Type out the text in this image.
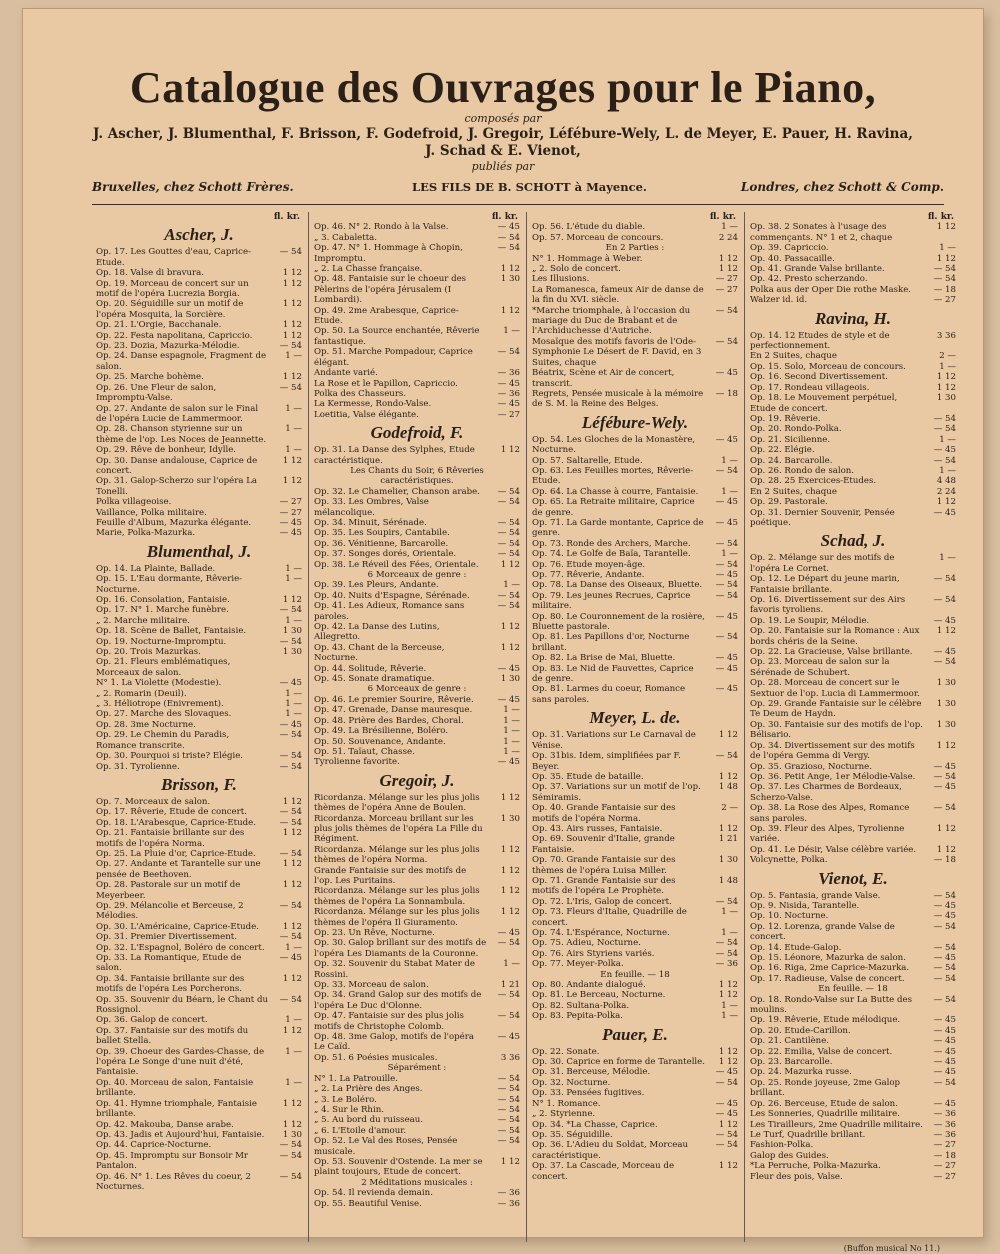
Catalogue des Ouvrages pour le Piano,
composés par
J. Ascher, J. Blumenthal, F. Brisson, F. Godefroid, J. Gregoir, Léfébure-Wely, L. de Meyer, E. Pauer, H. Ravina,
J. Schad & E. Vienot,
publiés par
Bruxelles, chez Schott Frères.	LES FILS DE B. SCHOTT à Mayence.	Londres, chez Schott & Comp.
fl. kr.
Ascher, J.
Op. 17. Les Gouttes d'eau, Caprice-Etude.
— 54
Op. 18. Valse di bravura.	1 12
Op. 19. Morceau de concert sur un motif de l'opéra Lucrezia Borgia.
1 12
Op. 20. Séguidille sur un motif de l'opéra Mosquita, la Sorcière.
1 12
Op. 21. L'Orgie, Bacchanale.	1 12
Op. 22. Festa napolitana, Capriccio.	1 12
Op. 23. Dozia, Mazurka-Mélodie.	— 54
Op. 24. Danse espagnole, Fragment de salon.
1 —
Op. 25. Marche bohème.	1 12
Op. 26. Une Fleur de salon, Impromptu-Valse.
— 54
Op. 27. Andante de salon sur le Final de l'opéra Lucie de Lammermoor.
1 —
Op. 28. Chanson styrienne sur un thème de l'op. Les Noces de Jeannette.
1 —
Op. 29. Rêve de bonheur, Idylle.	1 —
Op. 30. Danse andalouse, Caprice de concert.
1 12
Op. 31. Galop-Scherzo sur l'opéra La Tonelli.
1 12
Polka villageoise.	— 27
Vaillance, Polka militaire.	— 27
Feuille d'Album, Mazurka élégante.	— 45
Marie, Polka-Mazurka.	— 45
Blumenthal, J.
Op. 14. La Plainte, Ballade.	1 —
Op. 15. L'Eau dormante, Rêverie-Nocturne.
1 —
Op. 16. Consolation, Fantaisie.	1 12
Op. 17. N° 1. Marche funèbre.	— 54
„ 2. Marche militaire.	1 —
Op. 18. Scène de Ballet, Fantaisie.	1 30
Op. 19. Nocturne-Impromptu.	— 54
Op. 20. Trois Mazurkas.	1 30
Op. 21. Fleurs emblématiques, Morceaux de salon.
N° 1. La Violette (Modestie).	— 45
„ 2. Romarin (Deuil).	1 —
„ 3. Héliotrope (Enivrement).	1 —
Op. 27. Marche des Slovaques.	1 —
Op. 28. 3me Nocturne.	— 45
Op. 29. Le Chemin du Paradis, Romance transcrite.
— 54
Op. 30. Pourquoi si triste? Elégie.	— 54
Op. 31. Tyrolienne.	— 54
Brisson, F.
Op. 7. Morceaux de salon.	1 12
Op. 17. Rêverie, Etude de concert.	— 54
Op. 18. L'Arabesque, Caprice-Etude.	— 54
Op. 21. Fantaisie brillante sur des motifs de l'opéra Norma.
1 12
Op. 25. La Pluie d'or, Caprice-Etude.	— 54
Op. 27. Andante et Tarantelle sur une pensée de Beethoven.
1 12
Op. 28. Pastorale sur un motif de Meyerbeer.
1 12
Op. 29. Mélancolie et Berceuse, 2 Mélodies.
— 54
Op. 30. L'Américaine, Caprice-Etude.	1 12
Op. 31. Premier Divertissement.	— 54
Op. 32. L'Espagnol, Boléro de concert.	1 —
Op. 33. La Romantique, Etude de salon.
— 45
Op. 34. Fantaisie brillante sur des motifs de l'opéra Les Porcherons.
1 12
Op. 35. Souvenir du Béarn, le Chant du Rossignol.
— 54
Op. 36. Galop de concert.	1 —
Op. 37. Fantaisie sur des motifs du ballet Stella.
1 12
Op. 39. Choeur des Gardes-Chasse, de l'opéra Le Songe d'une nuit d'été, Fantaisie.
1 —
Op. 40. Morceau de salon, Fantaisie brillante.
1 —
Op. 41. Hymne triomphale, Fantaisie brillante.
1 12
Op. 42. Makouba, Danse arabe.	1 12
Op. 43. Jadis et Aujourd'hui, Fantaisie.	1 30
Op. 44. Caprice-Nocturne.	— 54
Op. 45. Impromptu sur Bonsoir Mr Pantalon.
— 54
Op. 46. N° 1. Les Rêves du coeur, 2 Nocturnes.
— 54
fl. kr.
Op. 46. N° 2. Rondo à la Valse.	— 45
„ 3. Cabaletta.	— 54
Op. 47. N° 1. Hommage à Chopin, Impromptu.
— 54
„ 2. La Chasse française.	1 12
Op. 48. Fantaisie sur le choeur des Pèlerins de l'opéra Jérusalem (I Lombardi).
1 30
Op. 49. 2me Arabesque, Caprice-Etude.
1 12
Op. 50. La Source enchantée, Rêverie fantastique.
1 —
Op. 51. Marche Pompadour, Caprice élégant.
— 54
Andante varié.	— 36
La Rose et le Papillon, Capriccio.	— 45
Polka des Chasseurs.	— 36
La Kermesse, Rondo-Valse.	— 45
Loetitia, Valse élégante.	— 27
Godefroid, F.
Op. 31. La Danse des Sylphes, Etude caractéristique.
1 12
Les Chants du Soir, 6 Rêveries caractéristiques.
Op. 32. Le Chamelier, Chanson arabe.	— 54
Op. 33. Les Ombres, Valse mélancolique.
— 54
Op. 34. Minuit, Sérénade.	— 54
Op. 35. Les Soupirs, Cantabile.	— 54
Op. 36. Vénitienne, Barcarolle.	— 54
Op. 37. Songes dorés, Orientale.	— 54
Op. 38. Le Réveil des Fées, Orientale.	1 12
6 Morceaux de genre :
Op. 39. Les Pleurs, Andante.	1 —
Op. 40. Nuits d'Espagne, Sérénade.	— 54
Op. 41. Les Adieux, Romance sans paroles.
— 54
Op. 42. La Danse des Lutins, Allegretto.
1 12
Op. 43. Chant de la Berceuse, Nocturne.
1 12
Op. 44. Solitude, Rêverie.	— 45
Op. 45. Sonate dramatique.	1 30
6 Morceaux de genre :
Op. 46. Le premier Sourire, Rêverie.	— 45
Op. 47. Grenade, Danse mauresque.	1 —
Op. 48. Prière des Bardes, Choral.	1 —
Op. 49. La Brésilienne, Boléro.	1 —
Op. 50. Souvenance, Andante.	1 —
Op. 51. Taïaut, Chasse.	1 —
Tyrolienne favorite.	— 45
Gregoir, J.
Ricordanza. Mélange sur les plus jolis thèmes de l'opéra Anne de Boulen.
1 12
Ricordanza. Morceau brillant sur les plus jolis thèmes de l'opéra La Fille du Régiment.
1 30
Ricordanza. Mélange sur les plus jolis thèmes de l'opéra Norma.
1 12
Grande Fantaisie sur des motifs de l'op. Les Puritains.
1 12
Ricordanza. Mélange sur les plus jolis thèmes de l'opéra La Sonnambula.
1 12
Ricordanza. Mélange sur les plus jolis thèmes de l'opéra Il Giuramento.
1 12
Op. 23. Un Rêve, Nocturne.	— 45
Op. 30. Galop brillant sur des motifs de l'opéra Les Diamants de la Couronne.
— 54
Op. 32. Souvenir du Stabat Mater de Rossini.
1 —
Op. 33. Morceau de salon.	1 21
Op. 34. Grand Galop sur des motifs de l'opéra Le Duc d'Olonne.
— 54
Op. 47. Fantaisie sur des plus jolis motifs de Christophe Colomb.
— 54
Op. 48. 3me Galop, motifs de l'opéra Le Caïd.
— 45
Op. 51. 6 Poésies musicales.	3 36
Séparément :
N° 1. La Patrouille.	— 54
„ 2. La Prière des Anges.	— 54
„ 3. Le Boléro.	— 54
„ 4. Sur le Rhin.	— 54
„ 5. Au bord du ruisseau.	— 54
„ 6. L'Etoile d'amour.	— 54
Op. 52. Le Val des Roses, Pensée musicale.
— 54
Op. 53. Souvenir d'Ostende. La mer se plaint toujours, Etude de concert.
1 12
2 Méditations musicales :
Op. 54. Il revienda demain.	— 36
Op. 55. Beautiful Venise.	— 36
fl. kr.
Op. 56. L'étude du diable.	1 —
Op. 57. Morceau de concours.	2 24
En 2 Parties :
N° 1. Hommage à Weber.	1 12
„ 2. Solo de concert.	1 12
Les Illusions.	— 27
La Romanesca, fameux Air de danse de la fin du XVI. siècle.
— 27
*Marche triomphale, à l'occasion du mariage du Duc de Brabant et de l'Archiduchesse d'Autriche.
— 54
Mosaïque des motifs favoris de l'Ode-Symphonie Le Désert de F. David, en 3 Suites, chaque
— 54
Béatrix, Scène et Air de concert, transcrit.
— 45
Regrets, Pensée musicale à la mémoire de S. M. la Reine des Belges.
— 18
Léfébure-Wely.
Op. 54. Les Gloches de la Monastère, Nocturne.
— 45
Op. 57. Saltarelle, Etude.	1 —
Op. 63. Les Feuilles mortes, Rêverie-Etude.
— 54
Op. 64. La Chasse à courre, Fantaisie.	1 —
Op. 65. La Retraite militaire, Caprice de genre.
— 45
Op. 71. La Garde montante, Caprice de genre.
— 45
Op. 73. Ronde des Archers, Marche.	— 54
Op. 74. Le Golfe de Baïa, Tarantelle.	1 —
Op. 76. Etude moyen-âge.	— 54
Op. 77. Rêverie, Andante.	— 45
Op. 78. La Danse des Oiseaux, Bluette.	— 54
Op. 79. Les jeunes Recrues, Caprice militaire.
— 54
Op. 80. Le Couronnement de la rosière, Bluette pastorale.
— 45
Op. 81. Les Papillons d'or, Nocturne brillant.
— 54
Op. 82. La Brise de Mai, Bluette.	— 45
Op. 83. Le Nid de Fauvettes, Caprice de genre.
— 45
Op. 81. Larmes du coeur, Romance sans paroles.
— 45
Meyer, L. de.
Op. 31. Variations sur Le Carnaval de Vénise.
1 12
Op. 31bis. Idem, simplifiées par F. Beyer.
— 54
Op. 35. Etude de bataille.	1 12
Op. 37. Variations sur un motif de l'op. Sémiramis.
1 48
Op. 40. Grande Fantaisie sur des motifs de l'opéra Norma.
2 —
Op. 43. Airs russes, Fantaisie.	1 12
Op. 69. Souvenir d'Italie, grande Fantaisie.
1 21
Op. 70. Grande Fantaisie sur des thèmes de l'opéra Luisa Miller.
1 30
Op. 71. Grande Fantaisie sur des motifs de l'opéra Le Prophète.
1 48
Op. 72. L'Iris, Galop de concert.	— 54
Op. 73. Fleurs d'Italie, Quadrille de concert.
1 —
Op. 74. L'Espérance, Nocturne.	1 —
Op. 75. Adieu, Nocturne.	— 54
Op. 76. Airs Styriens variés.	— 54
Op. 77. Meyer-Polka.	— 36
En feuille. — 18
Op. 80. Andante dialogué.	1 12
Op. 81. Le Berceau, Nocturne.	1 12
Op. 82. Sultana-Polka.	1 —
Op. 83. Pepita-Polka.	1 —
Pauer, E.
Op. 22. Sonate.	1 12
Op. 30. Caprice en forme de Tarantelle.	1 12
Op. 31. Berceuse, Mélodie.	— 45
Op. 32. Nocturne.	— 54
Op. 33. Pensées fugitives.
N° 1. Romance.	— 45
„ 2. Styrienne.	— 45
Op. 34. *La Chasse, Caprice.	1 12
Op. 35. Séguidille.	— 54
Op. 36. L'Adieu du Soldat, Morceau caractéristique.
— 54
Op. 37. La Cascade, Morceau de concert.
1 12
fl. kr.
Op. 38. 2 Sonates à l'usage des commençants. N° 1 et 2, chaque
1 12
Op. 39. Capriccio.	1 —
Op. 40. Passacaille.	1 12
Op. 41. Grande Valse brillante.	— 54
Op. 42. Presto scherzando.	— 54
Polka aus der Oper Die rothe Maske.	— 18
Walzer id. id.	— 27
Ravina, H.
Op. 14. 12 Etudes de style et de perfectionnement.
3 36
En 2 Suites, chaque	2 —
Op. 15. Solo, Morceau de concours.	1 —
Op. 16. Second Divertissement.	1 12
Op. 17. Rondeau villageois.	1 12
Op. 18. Le Mouvement perpétuel, Etude de concert.
1 30
Op. 19. Rêverie.	— 54
Op. 20. Rondo-Polka.	— 54
Op. 21. Sicilienne.	1 —
Op. 22. Elégie.	— 45
Op. 24. Barcarolle.	— 54
Op. 26. Rondo de salon.	1 —
Op. 28. 25 Exercices-Etudes.	4 48
En 2 Suites, chaque	2 24
Op. 29. Pastorale.	1 12
Op. 31. Dernier Souvenir, Pensée poétique.
— 45
Schad, J.
Op. 2. Mélange sur des motifs de l'opéra Le Cornet.
1 —
Op. 12. Le Départ du jeune marin, Fantaisie brillante.
— 54
Op. 16. Divertissement sur des Airs favoris tyroliens.
— 54
Op. 19. Le Soupir, Mélodie.	— 45
Op. 20. Fantaisie sur la Romance : Aux bords chéris de la Seine.
1 12
Op. 22. La Gracieuse, Valse brillante.	— 45
Op. 23. Morceau de salon sur la Sérénade de Schubert.
— 54
Op. 28. Morceau de concert sur le Sextuor de l'op. Lucia di Lammermoor.
1 30
Op. 29. Grande Fantaisie sur le célèbre Te Deum de Haydn.
1 30
Op. 30. Fantaisie sur des motifs de l'op. Bélisario.
1 30
Op. 34. Divertissement sur des motifs de l'opéra Gemma di Vergy.
1 12
Op. 35. Grazioso, Nocturne.	— 45
Op. 36. Petit Ange, 1er Mélodie-Valse.	— 54
Op. 37. Les Charmes de Bordeaux, Scherzo-Valse.
— 45
Op. 38. La Rose des Alpes, Romance sans paroles.
— 54
Op. 39. Fleur des Alpes, Tyrolienne variée.
1 12
Op. 41. Le Désir, Valse célèbre variée.	1 12
Volcynette, Polka.	— 18
Vienot, E.
Op. 5. Fantasia, grande Valse.	— 54
Op. 9. Nisida, Tarantelle.	— 45
Op. 10. Nocturne.	— 45
Op. 12. Lorenza, grande Valse de concert.
— 54
Op. 14. Etude-Galop.	— 54
Op. 15. Léonore, Mazurka de salon.	— 45
Op. 16. Riga, 2me Caprice-Mazurka.	— 54
Op. 17. Radieuse, Valse de concert.	— 54
En feuille. — 18
Op. 18. Rondo-Valse sur La Butte des moulins.
— 54
Op. 19. Rêverie, Etude mélodique.	— 45
Op. 20. Etude-Carillon.	— 45
Op. 21. Cantilène.	— 45
Op. 22. Emilia, Valse de concert.	— 45
Op. 23. Barcarolle.	— 45
Op. 24. Mazurka russe.	— 45
Op. 25. Ronde joyeuse, 2me Galop brillant.
— 54
Op. 26. Berceuse, Etude de salon.	— 45
Les Sonneries, Quadrille militaire.	— 36
Les Tirailleurs, 2me Quadrille militaire.	— 36
Le Turf, Quadrille brillant.	— 36
Fashion-Polka.	— 27
Galop des Guides.	— 18
*La Perruche, Polka-Mazurka.	— 27
Fleur des pois, Valse.	— 27
(Buffon musical No 11.)
